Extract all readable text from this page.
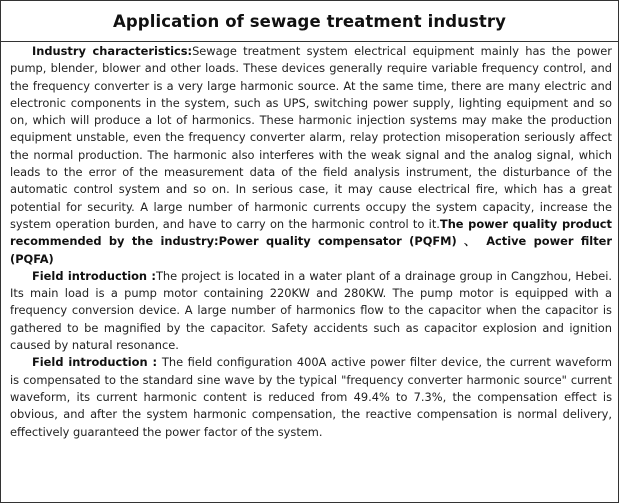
Application of sewage treatment industry

Industry characteristics:Sewage treatment system electrical equipment mainly has the power pump, blender, blower and other loads. These devices generally require variable frequency control, and the frequency converter is a very large harmonic source. At the same time, there are many electric and electronic components in the system, such as UPS, switching power supply, lighting equipment and so on, which will produce a lot of harmonics. These harmonic injection systems may make the production equipment unstable, even the frequency converter alarm, relay protection misoperation seriously affect the normal production. The harmonic also interferes with the weak signal and the analog signal, which leads to the error of the measurement data of the field analysis instrument, the disturbance of the automatic control system and so on. In serious case, it may cause electrical fire, which has a great potential for security. A large number of harmonic currents occupy the system capacity, increase the system operation burden, and have to carry on the harmonic control to it.The power quality product recommended by the industry:Power quality compensator (PQFM) 、 Active power filter (PQFA)

Field introduction :The project is located in a water plant of a drainage group in Cangzhou, Hebei. Its main load is a pump motor containing 220KW and 280KW. The pump motor is equipped with a frequency conversion device. A large number of harmonics flow to the capacitor when the capacitor is gathered to be magnified by the capacitor. Safety accidents such as capacitor explosion and ignition caused by natural resonance.

Field introduction : The field configuration 400A active power filter device, the current waveform is compensated to the standard sine wave by the typical "frequency converter harmonic source" current waveform, its current harmonic content is reduced from 49.4% to 7.3%, the compensation effect is obvious, and after the system harmonic compensation, the reactive compensation is normal delivery, effectively guaranteed the power factor of the system.
